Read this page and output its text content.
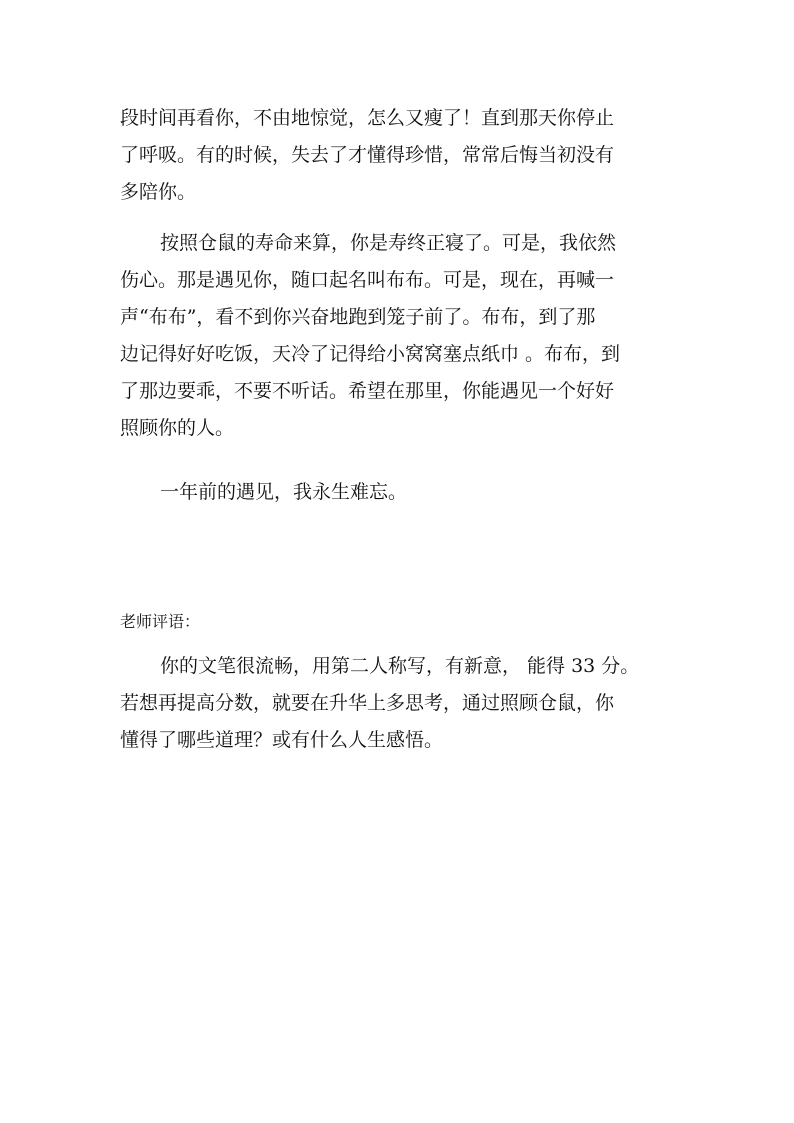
段时间再看你，不由地惊觉，怎么又瘦了！直到那天你停止
了呼吸。有的时候，失去了才懂得珍惜，常常后悔当初没有
多陪你。
按照仓鼠的寿命来算，你是寿终正寝了。可是，我依然
伤心。那是遇见你，随口起名叫布布。可是，现在，再喊一
声“布布”，看不到你兴奋地跑到笼子前了。布布，到了那
边记得好好吃饭，天冷了记得给小窝窝塞点纸巾 。布布，到
了那边要乖，不要不听话。希望在那里，你能遇见一个好好
照顾你的人。
一年前的遇见，我永生难忘。
老师评语：
你的文笔很流畅，用第二人称写，有新意， 能得 33 分。
若想再提高分数，就要在升华上多思考，通过照顾仓鼠，你
懂得了哪些道理？或有什么人生感悟。
